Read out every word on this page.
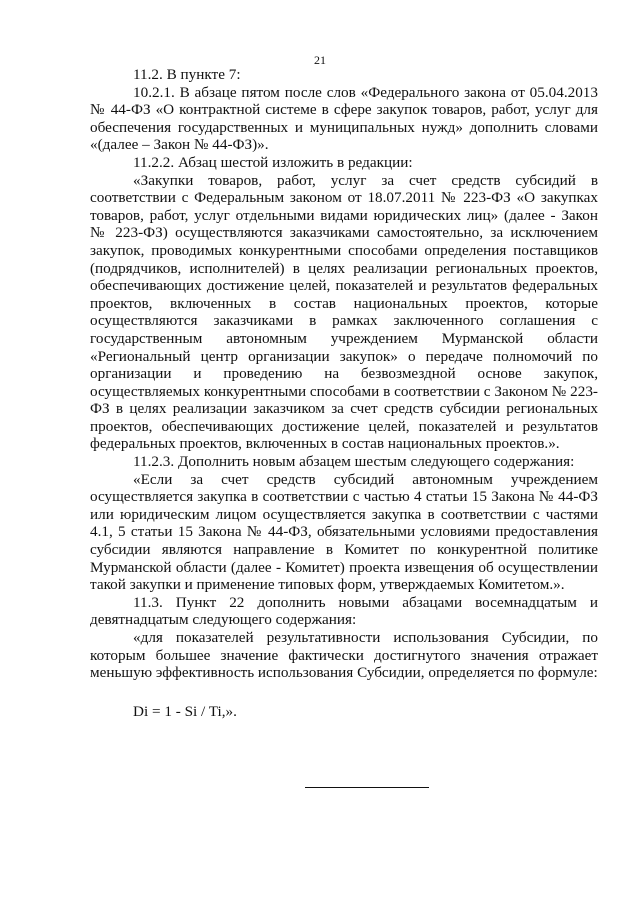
21

11.2. В пункте 7:

10.2.1. В абзаце пятом после слов «Федерального закона от 05.04.2013 № 44-ФЗ «О контрактной системе в сфере закупок товаров, работ, услуг для обеспечения государственных и муниципальных нужд» дополнить словами «(далее – Закон № 44-ФЗ)».

11.2.2. Абзац шестой изложить в редакции:

«Закупки товаров, работ, услуг за счет средств субсидий в соответствии с Федеральным законом от 18.07.2011 № 223-ФЗ «О закупках товаров, работ, услуг отдельными видами юридических лиц» (далее - Закон № 223-ФЗ) осуществляются заказчиками самостоятельно, за исключением закупок, проводимых конкурентными способами определения поставщиков (подрядчиков, исполнителей) в целях реализации региональных проектов, обеспечивающих достижение целей, показателей и результатов федеральных проектов, включенных в состав национальных проектов, которые осуществляются заказчиками в рамках заключенного соглашения с государственным автономным учреждением Мурманской области «Региональный центр организации закупок» о передаче полномочий по организации и проведению на безвозмездной основе закупок, осуществляемых конкурентными способами в соответствии с Законом № 223-ФЗ в целях реализации заказчиком за счет средств субсидии региональных проектов, обеспечивающих достижение целей, показателей и результатов федеральных проектов, включенных в состав национальных проектов.».

11.2.3. Дополнить новым абзацем шестым следующего содержания:

«Если за счет средств субсидий автономным учреждением осуществляется закупка в соответствии с частью 4 статьи 15 Закона № 44-ФЗ или юридическим лицом осуществляется закупка в соответствии с частями 4.1, 5 статьи 15 Закона № 44-ФЗ, обязательными условиями предоставления субсидии являются направление в Комитет по конкурентной политике Мурманской области (далее - Комитет) проекта извещения об осуществлении такой закупки и применение типовых форм, утверждаемых Комитетом.».

11.3. Пункт 22 дополнить новыми абзацами восемнадцатым и девятнадцатым следующего содержания:

«для показателей результативности использования Субсидии, по которым большее значение фактически достигнутого значения отражает меньшую эффективность использования Субсидии, определяется по формуле:

Di = 1 - Si / Ti,».
